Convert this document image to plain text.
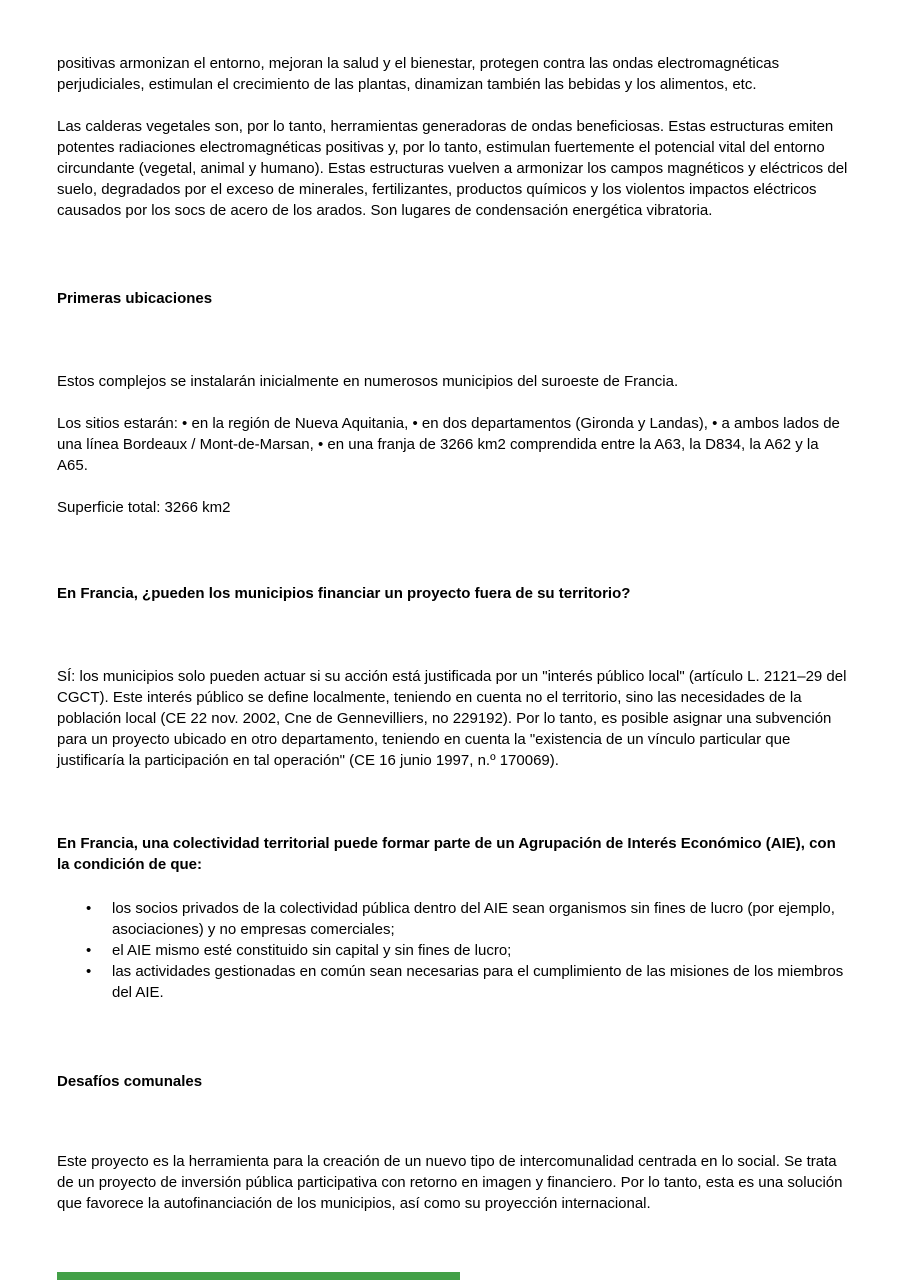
positivas armonizan el entorno, mejoran la salud y el bienestar, protegen contra las ondas electromagnéticas perjudiciales, estimulan el crecimiento de las plantas, dinamizan también las bebidas y los alimentos, etc.

Las calderas vegetales son, por lo tanto, herramientas generadoras de ondas beneficiosas. Estas estructuras emiten potentes radiaciones electromagnéticas positivas y, por lo tanto, estimulan fuertemente el potencial vital del entorno circundante (vegetal, animal y humano). Estas estructuras vuelven a armonizar los campos magnéticos y eléctricos del suelo, degradados por el exceso de minerales, fertilizantes, productos químicos y los violentos impactos eléctricos causados por los socs de acero de los arados. Son lugares de condensación energética vibratoria.

Primeras ubicaciones

Estos complejos se instalarán inicialmente en numerosos municipios del suroeste de Francia.

Los sitios estarán: • en la región de Nueva Aquitania, • en dos departamentos (Gironda y Landas), • a ambos lados de una línea Bordeaux / Mont-de-Marsan, • en una franja de 3266 km2 comprendida entre la A63, la D834, la A62 y la A65.

Superficie total: 3266 km2

En Francia, ¿pueden los municipios financiar un proyecto fuera de su territorio?

SÍ: los municipios solo pueden actuar si su acción está justificada por un "interés público local" (artículo L. 2121–29 del CGCT). Este interés público se define localmente, teniendo en cuenta no el territorio, sino las necesidades de la población local (CE 22 nov. 2002, Cne de Gennevilliers, no 229192). Por lo tanto, es posible asignar una subvención para un proyecto ubicado en otro departamento, teniendo en cuenta la "existencia de un vínculo particular que justificaría la participación en tal operación" (CE 16 junio 1997, n.º 170069).

En Francia, una colectividad territorial puede formar parte de un Agrupación de Interés Económico (AIE), con la condición de que:
• los socios privados de la colectividad pública dentro del AIE sean organismos sin fines de lucro (por ejemplo, asociaciones) y no empresas comerciales;
• el AIE mismo esté constituido sin capital y sin fines de lucro;
• las actividades gestionadas en común sean necesarias para el cumplimiento de las misiones de los miembros del AIE.
Desafíos comunales

Este proyecto es la herramienta para la creación de un nuevo tipo de intercomunalidad centrada en lo social. Se trata de un proyecto de inversión pública participativa con retorno en imagen y financiero. Por lo tanto, esta es una solución que favorece la autofinanciación de los municipios, así como su proyección internacional.
